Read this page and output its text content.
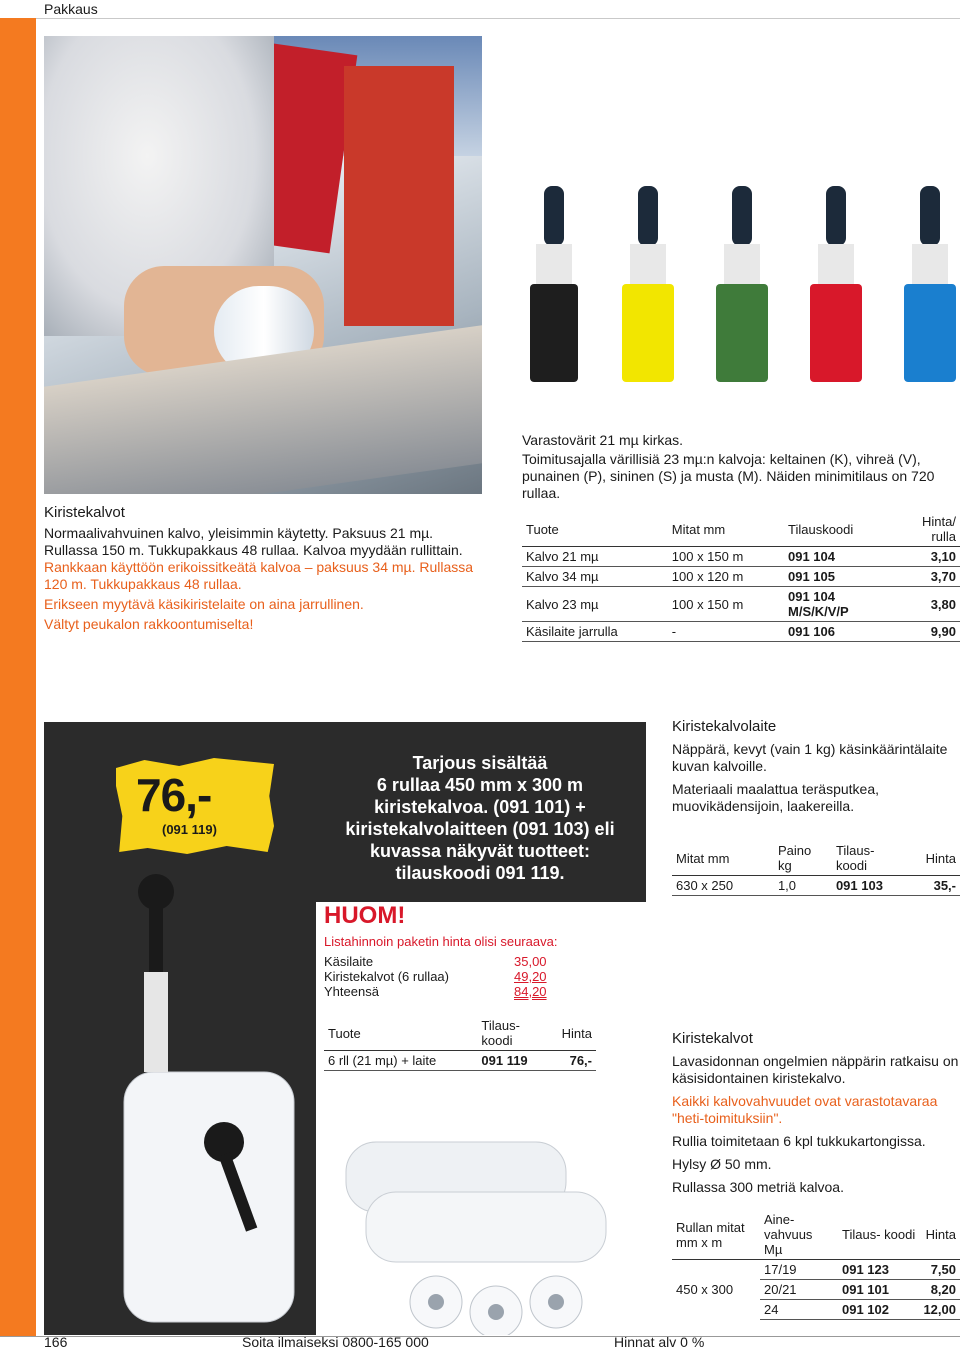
Pakkaus
Kiristekalvot

Normaalivahvuinen kalvo, yleisimmin käytetty. Paksuus 21 mµ. Rullassa 150 m. Tukkupakkaus 48 rullaa. Kalvoa myydään rullittain.

Rankkaan käyttöön erikoissitkeätä kalvoa – paksuus 34 mµ. Rullassa 120 m. Tukkupakkaus 48 rullaa.

Erikseen myytävä käsikiristelaite on aina jarrullinen.

Vältyt peukalon rakkoontumiselta!

Varastovärit 21 mµ kirkas.

Toimitusajalla värillisiä 23 mµ:n kalvoja: keltainen (K), vihreä (V), punainen (P), sininen (S) ja musta (M). Näiden minimitilaus on 720 rullaa.

Tuote	Mitat mm	Tilauskoodi	Hinta/ rulla
Kalvo 21 mµ	100 x 150 m	091 104	3,10
Kalvo 34 mµ	100 x 120 m	091 105	3,70
Kalvo 23 mµ	100 x 150 m	091 104 M/S/K/V/P	3,80
Käsilaite jarrulla	-	091 106	9,90
76,-
(091 119)
Tarjous sisältää
6 rullaa 450 mm x 300 m
kiristekalvoa. (091 101) +
kiristekalvolaitteen (091 103) eli
kuvassa näkyvät tuotteet:
tilauskoodi 091 119.
HUOM!
Listahinnoin paketin hinta olisi seuraava:
Käsilaite	35,00
Kiristekalvot (6 rullaa)	49,20
Yhteensä	84,20
Tuote	Tilaus- koodi	Hinta
6 rll (21 mµ) + laite	091 119	76,-
Kiristekalvolaite

Näppärä, kevyt (vain 1 kg) käsinkäärintälaite kuvan kalvoille.

Materiaali maalattua teräsputkea, muovikädensijoin, laakereilla.

Mitat mm	Paino kg	Tilaus- koodi	Hinta
630 x 250	1,0	091 103	35,-
Kiristekalvot

Lavasidonnan ongelmien näppärin ratkaisu on käsisidontainen kiristekalvo.

Kaikki kalvovahvuudet ovat varastotavaraa "heti-toimituksiin".

Rullia toimitetaan 6 kpl tukkukartongissa.

Hylsy Ø 50 mm.

Rullassa 300 metriä kalvoa.

Rullan mitat mm x m	Aine- vahvuus Mµ	Tilaus- koodi	Hinta
450 x 300	17/19	091 123	7,50
	20/21	091 101	8,20
	24	091 102	12,00
166	Soita ilmaiseksi 0800-165 000	Hinnat alv 0 %
